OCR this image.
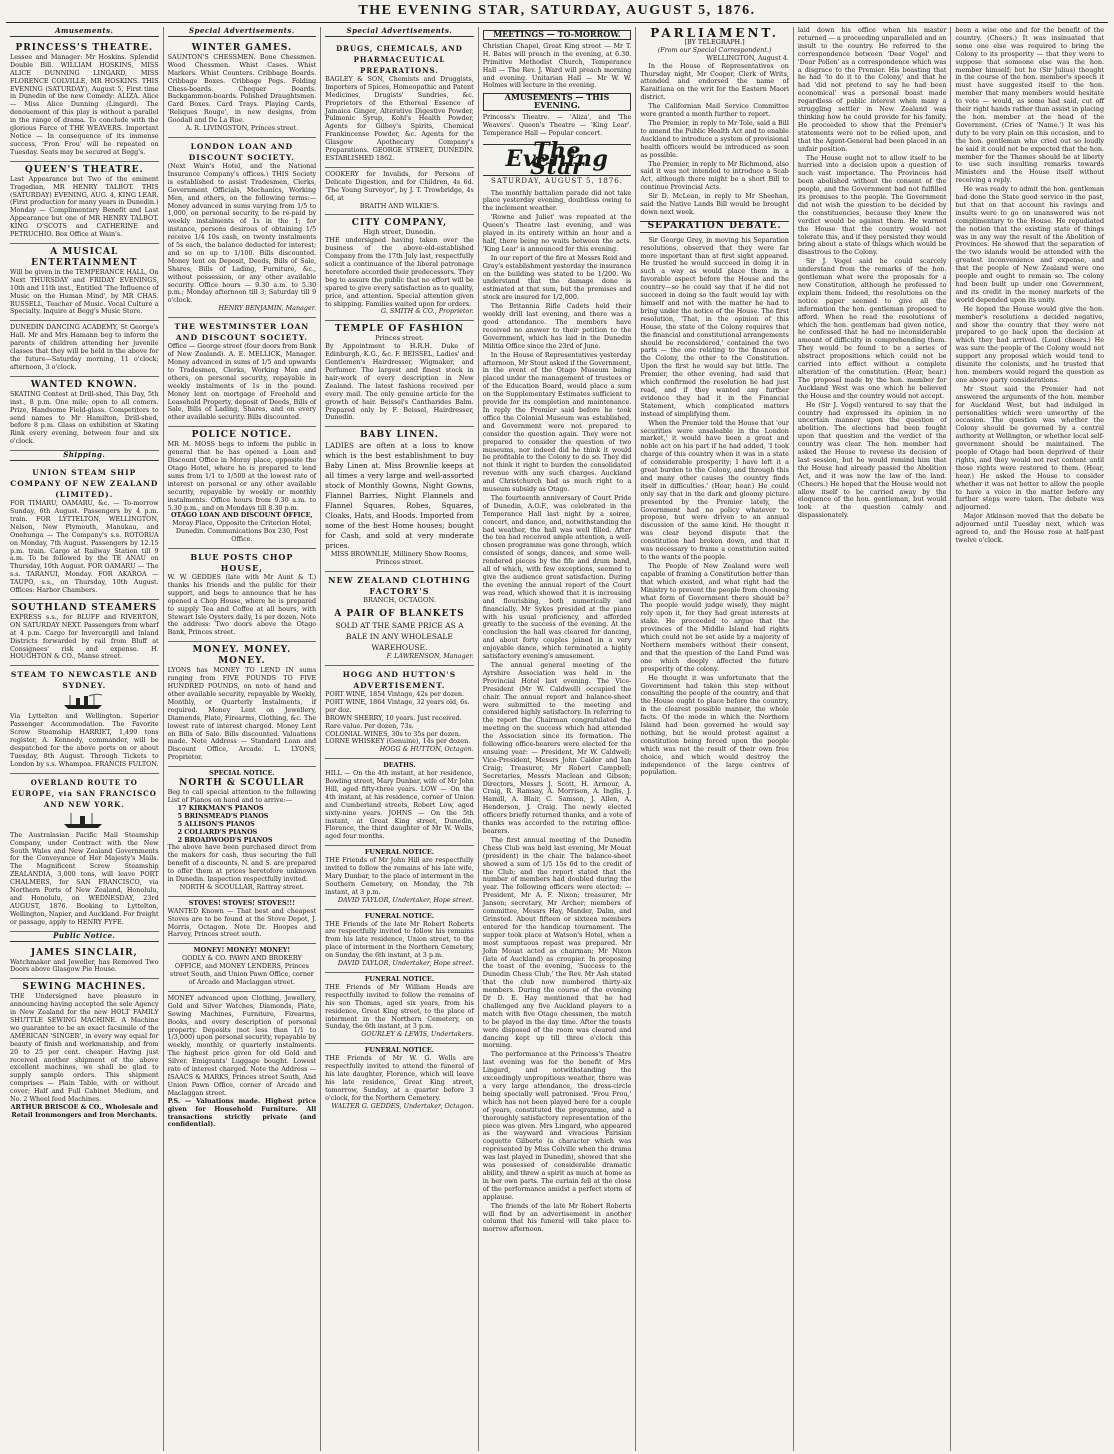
THE EVENING STAR, SATURDAY, AUGUST 5, 1876.
Amusements.
PRINCESS'S THEATRE.
Lessee and Manager: Mr Hoskins. Splendid Double Bill. WILLIAM HOSKINS, MISS ALICE DUNNING LINGARD, MISS FLORENCE COLVILLE, MR HOSKINS. THIS EVENING (SATURDAY), August 5, First time in Dunedin of the new Comedy: ALIZA. Alice — Miss Alice Dunning (Lingard). The denouement of this play is without a parallel in the range of drama. To conclude with the glorious Farce of THE WEAVERS. Important Notice — In consequence of its immense success, 'Fron Frou' will be repeated on Tuesday. Seats may be secured at Begg's.
QUEEN'S THEATRE.
Last Appearance but Two of the eminent Tragedian, MR HENRY TALBOT. THIS (SATURDAY) EVENING, AUG. 4, KING LEAR. (First production for many years in Dunedin.) Monday — Complimentary Benefit and Last Appearance but one of MR HENRY TALBOT. KING O'SCOTS and CATHERINE and PETRUCHIO. Box Office at Wain's.
A MUSICAL ENTERTAINMENT
Will be given in the TEMPERANCE HALL, On Next THURSDAY and FRIDAY EVENINGS, 10th and 11th inst., Entitled 'The Influence of Music on the Human Mind', by MR CHAS. RUSSELL, Teacher of Music. Vocal Culture a Specialty. Inquire at Begg's Music Store.
DUNEDIN DANCING ACADEMY, St George's Hall. Mr and Mrs Hamann beg to inform the parents of children attending her juvenile classes that they will be held in the above for the future—Saturday morning, 11 o'clock; afternoon, 3 o'clock.
WANTED KNOWN.
SKATING Contest at Drill-shed, This Day, 5th inst., 8 p.m. One mile; open to all comers. Prize, Handsome Field-glass. Competitors to send names to Mr Hamilton, Drill-shed, before 8 p.m. Glass on exhibition at Skating Rink every evening, between four and six o'clock.
Shipping.
UNION STEAM SHIP COMPANY OF NEW ZEALAND (LIMITED).
FOR TIMARU, OAMARU, &c. — To-morrow Sunday, 6th August. Passengers by 4 p.m. train. FOR LYTTELTON, WELLINGTON, Nelson, New Plymouth, Manukau, and Onehunga — The Company's s.s. ROTORUA on Monday, 7th August. Passengers by 12.15 p.m. train. Cargo at Railway Station till 9 a.m. To be followed by the TE ANAU on Thursday, 10th August. FOR OAMARU — The s.s. TARANUI, Monday. FOR AKAROA — TAUPO, s.s., on Thursday, 10th August. Offices: Harbor Chambers.
SOUTHLAND STEAMERS
EXPRESS s.s., for BLUFF and RIVERTON, ON SATURDAY NEXT. Passengers from wharf at 4 p.m. Cargo for Invercargill and Inland Districts forwarded by rail from Bluff at Consignees' risk and expense. H. HOUGHTON & CO., Manse street.
STEAM TO NEWCASTLE AND SYDNEY.
Via Lyttelton and Wellington. Superior Passenger Accommodation. The Favorite Screw Steamship HARRIET, 1,499 tons register, A. Kennedy, commander, will be despatched for the above ports on or about Tuesday, 8th August. Through Tickets to London by s.s. Whampoa. FRANCIS FULTON.
OVERLAND ROUTE TO EUROPE, via SAN FRANCISCO AND NEW YORK.
The Australasian Pacific Mail Steamship Company, under Contract with the New South Wales and New Zealand Governments for the Conveyance of Her Majesty's Mails. The Magnificent Screw Steamship ZEALANDIA, 3,000 tons, will leave PORT CHALMERS, for SAN FRANCISCO, via Northern Ports of New Zealand, Honolulu, and Honolulu, on WEDNESDAY, 23rd AUGUST, 1876. Booking to Lyttelton, Wellington, Napier, and Auckland. For freight or passage, apply to HENRY FYFE.
Public Notice.
JAMES SINCLAIR,
Watchmaker and Jeweller, has Removed Two Doors above Glasgow Pie House.
SEWING MACHINES.
THE Undersigned have pleasure in announcing having accepted the sole Agency in New Zealand for the new HOLT FAMILY SHUTTLE SEWING MACHINE. A Machine we guarantee to be an exact facsimile of the AMERICAN 'SINGER', in every way equal for beauty of finish and workmanship, and from 20 to 25 per cent. cheaper. Having just received another shipment of the above excellent machines, we shall be glad to supply sample orders. This shipment comprises — Plain Table, with or without cover; Half and Full Cabinet Medium, and No. 2 Wheel feed Machines.
ARTHUR BRISCOE & CO., Wholesale and Retail Ironmongers and Iron Merchants.
Special Advertisements.
WINTER GAMES.
SAUNTON'S CHESSMEN. Bone Chessmen. Wood Chessmen. Whist Cases. Whist Markers. Whist Counters. Cribbage Boards. Cribbage Boxes. Cribbage Pegs. Folding Chess-boards. Chequer Boards. Backgammon-boards. Polished Draughtsmen. Card Boxes. Card Trays. Playing Cards, 'Reliques Rouge', in new designs, from Goodall and De La Rue.
A. R. LIVINGSTON, Princes street.
LONDON LOAN AND DISCOUNT SOCIETY.
(Next Wain's Hotel, and the National Insurance Company's offices.) THIS Society is established to assist Tradesmen, Clerks, Government Officials, Mechanics, Working Men, and others, on the following terms:— Money advanced in sums varying from 1/5 to 1,000, on personal security, to be re-paid by weekly instalments of 1s in the 1; for instance, persons desirous of obtaining 1/5 receive 1/4 10s cash, on twenty instalments of 5s each, the balance deducted for interest; and so on up to 1/100. Bills discounted. Money lent on Deposit, Deeds, Bills of Sale, Shares, Bills of Lading, Furniture, &c., without possession, or any other available security. Office hours — 9.30 a.m. to 5.30 p.m.; Monday afternoon till 3; Saturday till 9 o'clock.
HENRY BENJAMIN, Manager.
THE WESTMINSTER LOAN AND DISCOUNT SOCIETY.
Office — George street (four doors from Bank of New Zealand). A. E. MELLICK, Manager. Money advanced in sums of 1/5 and upwards to Tradesmen, Clerks, Working Men and others, on personal security, repayable in weekly instalments of 1s in the pound. Money lent on mortgage of Freehold and Leasehold Property, deposit of Deeds, Bills of Sale, Bills of Lading, Shares, and on every other available security. Bills discounted.
POLICE NOTICE.
MR M. MOSS begs to inform the public in general that he has opened a Loan and Discount Office in Moray place, opposite the Otago Hotel, where he is prepared to lend sums from 1/1 to 1/500 at the lowest rate of interest on personal or any other available security, repayable by weekly or monthly instalments. Office hours from 9.30 a.m. to 5.30 p.m., and on Mondays till 8.30 p.m.
OTAGO LOAN AND DISCOUNT OFFICE,
Moray Place, Opposite the Criterion Hotel, Dunedin. Communications Box 230, Post Office.
BLUE POSTS CHOP HOUSE,
W. W. GEDDES (late with Mr Aunt & T.) thanks his friends and the public for their support, and begs to announce that he has opened a Chop House, where he is prepared to supply Tea and Coffee at all hours, with Stewart Isle Oysters daily, 1s per dozen. Note the address: Two doors above the Otago Bank, Princes street.
MONEY. MONEY. MONEY.
LYONS has MONEY TO LEND IN sums ranging from FIVE POUNDS TO FIVE HUNDRED POUNDS, on note of hand and other available security, repayable by Weekly, Monthly, or Quarterly Instalments, if required. Money Lent on Jewellery, Diamonds, Plate, Firearms, Clothing, &c. The lowest rate of interest charged. Money Lent on Bills of Sale. Bills discounted. Valuations made. Note Address — Standard Loan and Discount Office, Arcade. L. LYONS, Proprietor.
SPECIAL NOTICE.
NORTH & SCOULLAR
Beg to call special attention to the following List of Pianos on hand and to arrive:—
17 KIRKMAN'S PIANOS
5 BRINSMEAD'S PIANOS
5 ALLISON'S PIANOS
2 COLLARD'S PIANOS
2 BROADWOOD'S PIANOS
The above have been purchased direct from the makers for cash, thus securing the full benefit of a discounts, N. and S. are prepared to offer them at prices heretofore unknown in Dunedin. Inspection respectfully invited.
NORTH & SCOULLAR, Rattray street.
STOVES! STOVES! STOVES!!!
WANTED Known — That best and cheapest Stoves are to be found at the Stove Depot, J. Morris, Octagon. Note Dr. Hoopes and Harvey, Princes street south.
MONEY! MONEY! MONEY!
GODLY & CO. PAWN AND BROKERY OFFICE, and MONEY LENDERS, Princes street South, and Union Pawn Office, corner of Arcade and Maclaggan street.
MONEY advanced upon Clothing, Jewellery, Gold and Silver Watches, Diamonds, Plate, Sewing Machines, Furniture, Firearms, Books, and every description of personal property. Deposits (not less than 1/1 to 1/3,000) upon personal security, repayable by weekly, monthly, or quarterly instalments. The highest price given for old Gold and Silver. Emigrants' Luggage bought. Lowest rate of interest charged. Note the Address — ISAACS & MARKS, Princes street South, And Union Pawn Office, corner of Arcade and Maclaggan street.
P.S. — Valuations made. Highest price given for Household Furniture. All transactions strictly private (and confidential).
Special Advertisements.
DRUGS, CHEMICALS, AND PHARMACEUTICAL PREPARATIONS.
BAGLEY & SON, Chemists and Druggists, Importers of Spices, Homeopathic and Patent Medicines, Drugists' Sundries, &c. Proprietors of the Ethereal Essence of Jamaica Ginger, Alterative Digestive Powder, Pulmonic Syrup, Kohl's Health Powder, Agents for Gilbey's Spirits, Chemical Frankincense Powder, &c. Agents for the Glasgow Apothecary Company's Preparations. GEORGE STREET, DUNEDIN. ESTABLISHED 1862.
COOKERY for Invalids, for Persons of Delicate Digestion, and for Children, 4s 6d. 'The Young Surveyor', by J. T. Trowbridge, 4s 6d, at
BRAITH AND WILKIE'S.
CITY COMPANY,
High street, Dunedin.
THE undersigned having taken over the business of the above-old-established Company from the 17th July last, respectfully solicit a continuance of the liberal patronage heretofore accorded their predecessors. They beg to assure the public that no effort will be spared to give every satisfaction as to quality, price, and attention. Special attention given to shipping. Families waited upon for orders.
G. SMITH & CO., Proprietor.
TEMPLE OF FASHION
Princes street.
By Appointment to H.R.H. Duke of Edinburgh, K.G., &c. F. BEISSEL, Ladies' and Gentlemen's Hairdresser, Wigmaker, and Perfumer. The largest and finest stock in hair-work of every description in New Zealand. The latest fashions received per every mail. The only genuine article for the growth of hair. Beissel's Cantharides Balm. Prepared only by F. Beissel, Hairdresser, Dunedin.
BABY LINEN.
LADIES are often at a loss to know which is the best establishment to buy Baby Linen at. Miss Brownlie keeps at all times a very large and well-assorted stock of Monthly Gowns, Night Gowns, Flannel Barries, Night Flannels and Flannel Squares, Robes, Squares, Cloaks, Hats, and Hoods. Imported from some of the best Home houses; bought for Cash, and sold at very moderate prices.
MISS BROWNLIE, Millinery Show Rooms, Princes street.
NEW ZEALAND CLOTHING FACTORY'S
BRANCH, OCTAGON.
A PAIR OF BLANKETS
SOLD AT THE SAME PRICE AS A BALE IN ANY WHOLESALE WAREHOUSE.
F. LAWRENSON, Manager.
HOGG AND HUTTON'S ADVERTISEMENT.
PORT WINE, 1854 Vintage, 42s per dozen.
PORT WINE, 1864 Vintage, 32 years old, 6s. per doz.
BROWN SHERRY, 10 years. Just received. Rare value. Per dozen, 73s.
COLONIAL WINES, 30s to 35s per dozen.
LORNE WHISKEY (Genuine), 14s per dozen.
HOGG & HUTTON, Octagon.
DEATHS.
HILL — On the 4th instant, at her residence, Bowling street, Mary Dunbar, wife of Mr John Hill, aged fifty-three years. LOW — On the 4th instant, at his residence, corner of Union and Cumberland streets, Robert Low, aged sixty-nine years. JOHNS — On the 5th instant, at Great King street, Dunedin, Florence, the third daughter of Mr W. Wells, aged four months.
FUNERAL NOTICE.
THE Friends of Mr John Hill are respectfully invited to follow the remains of his late wife, Mary Dunbar, to the place of interment in the Southern Cemetery, on Monday, the 7th instant, at 3 p.m.
DAVID TAYLOR, Undertaker, Hope street.
FUNERAL NOTICE.
THE Friends of the late Mr Robert Roberts are respectfully invited to follow his remains from his late residence, Union street, to the place of interment in the Northern Cemetery, on Sunday, the 6th instant, at 3 p.m.
DAVID TAYLOR, Undertaker, Hope street.
FUNERAL NOTICE.
THE Friends of Mr William Heads are respectfully invited to follow the remains of his son Thomas, aged six years, from his residence, Great King street, to the place of interment in the Northern Cemetery, on Sunday, the 6th instant, at 3 p.m.
GOURLEY & LEWIS, Undertakers.
FUNERAL NOTICE.
THE Friends of Mr W. G. Wells are respectfully invited to attend the funeral of his late daughter, Florence, which will leave his late residence, Great King street, tomorrow, Sunday, at a quarter before 3 o'clock, for the Northern Cemetery.
WALTER G. GEDDES, Undertaker, Octagon.
MEETINGS — TO-MORROW.
Christian Chapel, Great King street — Mr T. H. Bates will preach in the evening, at 6.30. Primitive Methodist Church, Temperance Hall — The Rev. J. Ward will preach morning and evening. Unitarian Hall — Mr W. W. Holmes will lecture in the evening.
AMUSEMENTS — THIS EVENING.
Princess's Theatre. — 'Aliza', and 'The Weavers'. Queen's Theatre — 'King Lear'. Temperance Hall — Popular concert.
The Evening Star
SATURDAY, AUGUST 5, 1876.

The monthly battalion parade did not take place yesterday evening, doubtless owing to the inclement weather.

'Rowne and Juliet' was repeated at the Queen's Theatre last evening, and was played in its entirety within an hour and a half, there being no waits between the acts. 'King Lear' is announced for this evening.

In our report of the fire at Messrs Reid and Gray's establishment yesterday the insurance on the building was stated to be 1/200. We understand that the damage done is estimated at that sum, but the premises and stock are insured for 1/2,000.

The Britannia Rifle Cadets held their weekly drill last evening, and there was a good attendance. The members have received no answer to their petition to the Government, which has laid in the Dunedin Militia Office since the 23rd of June.

In the House of Representatives yesterday afternoon, Mr Stout asked if the Government, in the event of the Otago Museum being placed under the management of trustees or of the Education Board, would place a sum on the Supplementary Estimates sufficient to provide for its completion and maintenance. In reply the Premier said before he took office the Colonial Museum was established, and Government were not prepared to consider the question again. They were not prepared to consider the question of two museums, nor indeed did he think it would be profitable to the Colony to do so. They did not think it right to burden the consolidated revenue with any such charges. Auckland and Christchurch had as much right to a museum subsidy as Otago.

The fourteenth anniversary of Court Pride of Dunedin, A.O.F., was celebrated in the Temperance Hall last night by a soiree, concert, and dance, and, notwithstanding the bad weather, the hall was well filled. After the tea had received ample attention, a well-chosen programme was gone through, which consisted of songs, dances, and some well-rendered pieces by the fife and drum band, all of which, with few exceptions, seemed to give the audience great satisfaction. During the evening the annual report of the Court was read, which showed that it is increasing and flourishing, both numerically and financially. Mr Sykes presided at the piano with his usual proficiency, and afforded greatly to the success of the evening. At the conclusion the hall was cleared for dancing, and about forty couples joined in a very enjoyable dance, which terminated a highly satisfactory evening's amusement.

The annual general meeting of the Ayrshire Association was held in the Provincial Hotel last evening. The Vice-President (Mr W. Caldwell) occupied the chair. The annual report and balance-sheet were submitted to the meeting and considered highly satisfactory. In referring to the report the Chairman congratulated the meeting on the success which had attended the Association since its formation. The following office-bearers were elected for the ensuing year: — President, Mr W. Caldwell; Vice-President, Messrs John Calder and Ian Craig; Treasurer, Mr Robert Campbell; Secretaries, Messrs Maclean and Gibson; Directors, Messrs J. Scott, H. Armour, A. Craig, R. Ramsay, A. Morrison, A. Inglis, J. Hamill, A. Blair, C. Samson, J. Allen, A. Henderson, J. Craig. The newly elected officers briefly returned thanks, and a vote of thanks was accorded to the retiring office-bearers.

The first annual meeting of the Dunedin Chess Club was held last evening, Mr Mouat (president) in the chair. The balance-sheet showed a sum of 1/5 15s 6d to the credit of the Club; and the report stated that the number of members had doubled during the year. The following officers were elected: — President, Mr A. F. Nixon; treasurer, Mr Janson; secretary, Mr Archer; members of committee, Messrs Hay, Mander, Dalm, and Grinsted. About fifteen or sixteen members entered for the handicap tournament. The supper took place at Watson's Hotel, when a most sumptuous repast was prepared. Mr John Mouat acted as chairman; Mr Nixon (late of Auckland) as croupier. In proposing the toast of the evening, 'Success to the Dunedin Chess Club,' the Rev. Mr Ash stated that the club now numbered thirty-six members. During the course of the evening Dr D. E. Hay mentioned that he had challenged any five Auckland players to a match with five Otago chessmen, the match to be played in the day time. After the toasts were disposed of the room was cleared and dancing kept up till three o'clock this morning.

The performance at the Princess's Theatre last evening was for the benefit of Mrs Lingard, and notwithstanding the exceedingly unpropitious weather, there was a very large attendance, the dress-circle being specially well patronised. 'Frou Frou,' which has not been played here for a couple of years, constituted the programme, and a thoroughly satisfactory representation of the piece was given. Mrs Lingard, who appeared as the wayward and vivacious Parisian coquette Gilberte (a character which was represented by Miss Colville when the drama was last played in Dunedin), showed that she was possessed of considerable dramatic ability, and threw a spirit as much at home as in her own parts. The curtain fell at the close of the performance amidst a perfect storm of applause.

The friends of the late Mr Robert Roberts will find by an advertisement in another column that his funeral will take place to-morrow afternoon.

PARLIAMENT.
[BY TELEGRAPH.]
(From our Special Correspondent.)
WELLINGTON, August 4.

In the House of Representatives on Thursday night, Mr Cooper, Clerk of Writs, attended and endorsed the name of Karaitiana on the writ for the Eastern Maori district.

The Californian Mail Service Committee were granted a month further to report.

The Premier, in reply to Mr Tole, said a Bill to amend the Public Health Act and to enable Auckland to introduce a system of provisional health officers would be introduced as soon as possible.

The Premier, in reply to Mr Richmond, also said it was not intended to introduce a Scab Act, although there might be a short Bill to continue Provincial Acts.

Sir D. McLean, in reply to Mr Sheehan, said the Native Lands Bill would be brought down next week.

SEPARATION DEBATE.

Sir George Grey, in moving his Separation resolutions, observed that they were far more important than at first sight appeared. He trusted he would succeed in doing it in such a way as would place them in a favorable aspect before the House and the country—so he could say that if he did not succeed in doing so the fault would lay with himself and not with the matter he had to bring under the notice of the House. The first resolution, 'That, in the opinion of this House, the state of the Colony requires that the financial and constitutional arrangements should be reconsidered,' contained the two parts — the one relating to the finances of the Colony, the other to the Constitution. Upon the first he would say but little. The Premier, the other evening, had said that which confirmed the resolution he had just read, and if they wanted any further evidence they had it in the Financial Statement, which complicated matters instead of simplifying them.

When the Premier told the House that 'our securities were unsaleable in the London market,' it would have been a great and noble act on his part if he had added, 'I took charge of this country when it was in a state of considerable prosperity; I have left it a great burden to the Colony, and through this and many other causes the country finds itself in difficulties.' (Hear, hear.) He could only say that in the dark and gloomy picture presented by the Premier lately, the Government had no policy whatever to propose, but were driven to an annual discussion of the same kind. He thought it was clear beyond dispute that the constitution had broken down, and that it was necessary to frame a constitution suited to the wants of the people.

The People of New Zealand were well capable of framing a Constitution better than that which existed, and what right had the Ministry to prevent the people from choosing what form of Government there should be? The people would judge wisely, they might rely upon it, for they had great interests at stake. He proceeded to argue that the provinces of the Middle Island had rights which could not be set aside by a majority of Northern members without their consent, and that the question of the Land Fund was one which deeply affected the future prosperity of the colony.

He thought it was unfortunate that the Government had taken this step without consulting the people of the country, and that the House ought to place before the country, in the clearest possible manner, the whole facts. Of the mode in which the Northern Island had been governed he would say nothing, but he would protest against a constitution being forced upon the people which was not the result of their own free choice, and which would destroy the independence of the large centres of population.

laid down his office when his master returned — a proceeding unparalleled and an insult to the country. He referred to the correspondence between 'Dear Vogel' and 'Dear Pollen' as a correspondence which was a disgrace to the Premier. His boasting that he had 'to do it to the Colony,' and that he had 'did not pretend to say he had been economical' was a personal boast made regardless of public interest when many a struggling settler in New Zealand was thinking how he could provide for his family. He proceeded to show that the Premier's statements were not to be relied upon, and that the Agent-General had been placed in an unfair position.

The House ought not to allow itself to be hurried into a decision upon a question of such vast importance. The Provinces had been abolished without the consent of the people, and the Government had not fulfilled its promises to the people. The Government did not wish the question to be decided by the constituencies, because they knew the verdict would be against them. He warned the House that the country would not tolerate this, and if they persisted they would bring about a state of things which would be disastrous to the Colony.

Sir J. Vogel said he could scarcely understand from the remarks of the hon. gentleman what were the proposals for a new Constitution, although he professed to explain them. Indeed, the resolutions on the notice paper seemed to give all the information the hon. gentleman proposed to afford. When he read the resolutions of which the hon. gentleman had given notice, he confessed that he had no inconsiderable amount of difficulty in comprehending them. They would be found to be a series of abstract propositions which could not be carried into effect without a complete alteration of the constitution. (Hear, hear.) The proposal made by the hon. member for Auckland West was one which he believed the House and the country would not accept.

He (Sir J. Vogel) ventured to say that the country had expressed its opinion in no uncertain manner upon the question of abolition. The elections had been fought upon that question and the verdict of the country was clear. The hon. member had asked the House to reverse its decision of last session, but he would remind him that the House had already passed the Abolition Act, and it was now the law of the land. (Cheers.) He hoped that the House would not allow itself to be carried away by the eloquence of the hon. gentleman, but would look at the question calmly and dispassionately.

been a wise one and for the benefit of the country. (Cheers.) It was insinuated that some one else was required to bring the Colony to its prosperity — that they were to suppose that someone else was the hon. member himself; but he (Sir Julius) thought in the course of the hon. member's speech it must have suggested itself to the hon. member that many members would hesitate to vote — would, as some had said, cut off their right hands rather than assist in placing the hon. member at the head of the Government. (Cries of 'Name.') It was his duty to be very plain on this occasion, and to the hon. gentleman who cried out so loudly he said it could not be expected that the hon. member for the Thames should be at liberty to use such insulting remarks towards Ministers and the House itself without receiving a reply.

He was ready to admit the hon. gentleman had done the State good service in the past, but that on that account his ravings and insults were to go on unanswered was not complimentary to the House. He repudiated the notion that the existing state of things was in any way the result of the Abolition of Provinces. He showed that the separation of the two islands would be attended with the greatest inconvenience and expense, and that the people of New Zealand were one people and ought to remain so. The colony had been built up under one Government, and its credit in the money markets of the world depended upon its unity.

He hoped the House would give the hon. member's resolutions a decided negative, and show the country that they were not prepared to go back upon the decision at which they had arrived. (Loud cheers.) He was sure the people of the Colony would not support any proposal which would tend to disunite the colonists, and he trusted that hon. members would regard the question as one above party considerations.

Mr Stout said the Premier had not answered the arguments of the hon. member for Auckland West, but had indulged in personalities which were unworthy of the occasion. The question was whether the Colony should be governed by a central authority at Wellington, or whether local self-government should be maintained. The people of Otago had been deprived of their rights, and they would not rest content until those rights were restored to them. (Hear, hear.) He asked the House to consider whether it was not better to allow the people to have a voice in the matter before any further steps were taken. The debate was adjourned.

Major Atkinson moved that the debate be adjourned until Tuesday next, which was agreed to, and the House rose at half-past twelve o'clock.
